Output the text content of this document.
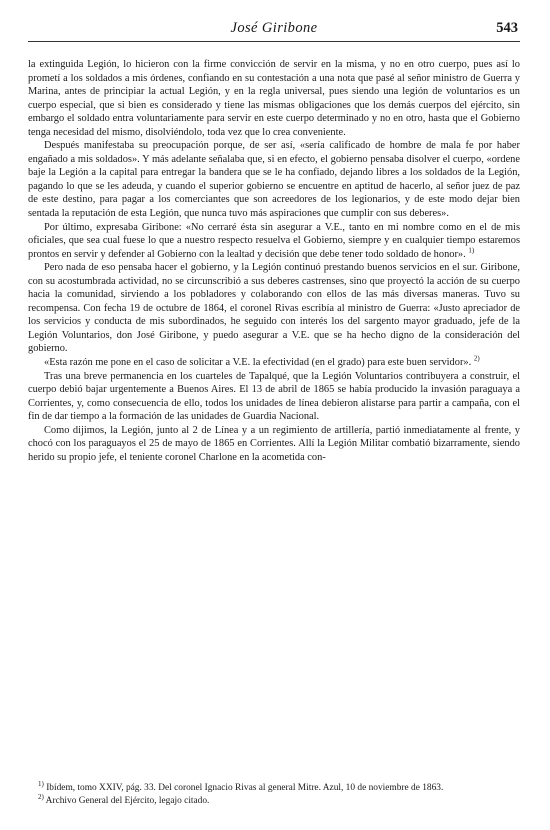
José Giribone	543

la extinguida Legión, lo hicieron con la firme convicción de servir en la misma, y no en otro cuerpo, pues así lo prometí a los soldados a mis órdenes, confiando en su contestación a una nota que pasé al señor ministro de Guerra y Marina, antes de principiar la actual Legión, y en la regla universal, pues siendo una legión de voluntarios es un cuerpo especial, que si bien es considerado y tiene las mismas obligaciones que los demás cuerpos del ejército, sin embargo el soldado entra voluntariamente para servir en este cuerpo determinado y no en otro, hasta que el Gobierno tenga necesidad del mismo, disolviéndolo, toda vez que lo crea conveniente.

Después manifestaba su preocupación porque, de ser así, «sería calificado de hombre de mala fe por haber engañado a mis soldados». Y más adelante señalaba que, si en efecto, el gobierno pensaba disolver el cuerpo, «ordene baje la Legión a la capital para entregar la bandera que se le ha confiado, dejando libres a los soldados de la Legión, pagando lo que se les adeuda, y cuando el superior gobierno se encuentre en aptitud de hacerlo, al señor juez de paz de este destino, para pagar a los comerciantes que son acreedores de los legionarios, y de este modo dejar bien sentada la reputación de esta Legión, que nunca tuvo más aspiraciones que cumplir con sus deberes».

Por último, expresaba Giribone: «No cerraré ésta sin asegurar a V.E., tanto en mi nombre como en el de mis oficiales, que sea cual fuese lo que a nuestro respecto resuelva el Gobierno, siempre y en cualquier tiempo estaremos prontos en servir y defender al Gobierno con la lealtad y decisión que debe tener todo soldado de honor». $^{1)}$

Pero nada de eso pensaba hacer el gobierno, y la Legión continuó prestando buenos servicios en el sur. Giribone, con su acostumbrada actividad, no se circunscribió a sus deberes castrenses, sino que proyectó la acción de su cuerpo hacia la comunidad, sirviendo a los pobladores y colaborando con ellos de las más diversas maneras. Tuvo su recompensa. Con fecha 19 de octubre de 1864, el coronel Rivas escribía al ministro de Guerra: «Justo apreciador de los servicios y conducta de mis subordinados, he seguido con interés los del sargento mayor graduado, jefe de la Legión Voluntarios, don José Giribone, y puedo asegurar a V.E. que se ha hecho digno de la consideración del gobierno.

«Esta razón me pone en el caso de solicitar a V.E. la efectividad (en el grado) para este buen servidor». $^{2)}$

Tras una breve permanencia en los cuarteles de Tapalqué, que la Legión Voluntarios contribuyera a construir, el cuerpo debió bajar urgentemente a Buenos Aires. El 13 de abril de 1865 se había producido la invasión paraguaya a Corrientes, y, como consecuencia de ello, todos los unidades de línea debieron alistarse para partir a campaña, con el fin de dar tiempo a la formación de las unidades de Guardia Nacional.

Como dijimos, la Legión, junto al 2 de Línea y a un regimiento de artillería, partió inmediatamente al frente, y chocó con los paraguayos el 25 de mayo de 1865 en Corrientes. Allí la Legión Militar combatió bizarramente, siendo herido su propio jefe, el teniente coronel Charlone en la acometida con-

$^{1)}$ Ibídem, tomo XXIV, pág. 33. Del coronel Ignacio Rivas al general Mitre. Azul, 10 de noviembre de 1863.

$^{2)}$ Archivo General del Ejército, legajo citado.
